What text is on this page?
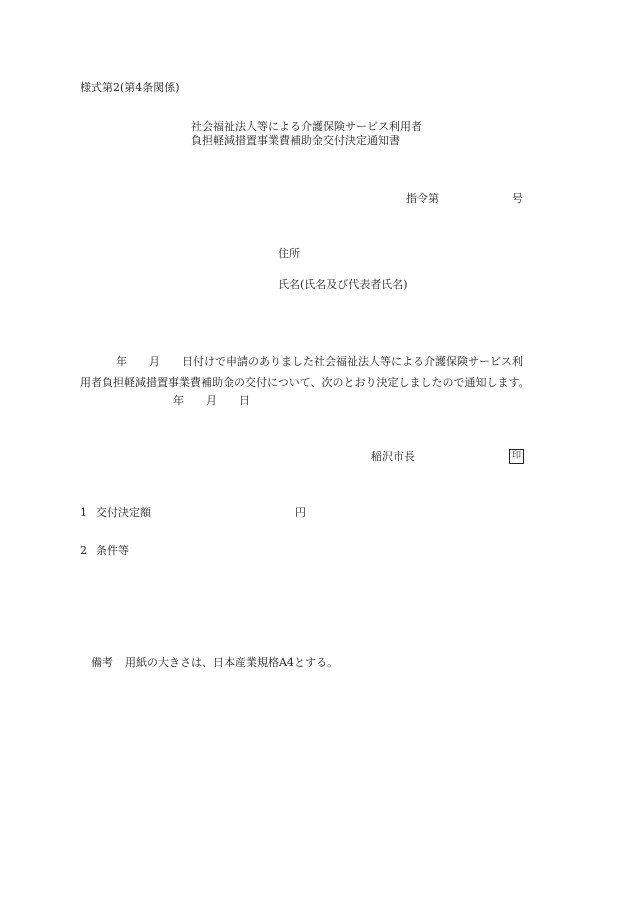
様式第2(第4条関係)
社会福祉法人等による介護保険サービス利用者
負担軽減措置事業費補助金交付決定通知書
指令第	号
住所
氏名(氏名及び代表者氏名)
年　　月　　日付けで申請のありました社会福祉法人等による介護保険サービス利
用者負担軽減措置事業費補助金の交付について、次のとおり決定しましたので通知します。
年　　月　　日
稲沢市長	印
1 交付決定額	円
2 条件等
備考 用紙の大きさは、日本産業規格A4とする。
